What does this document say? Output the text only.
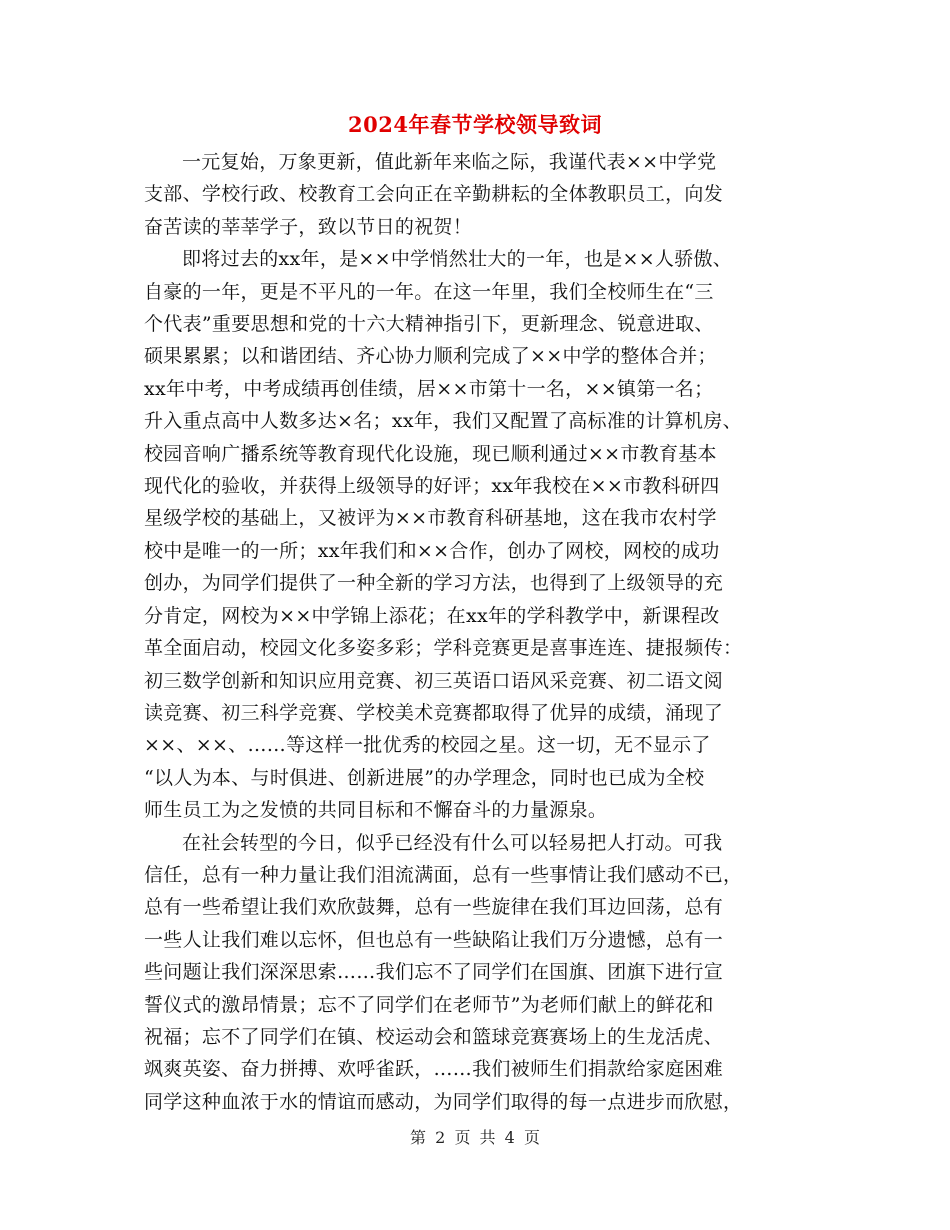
2024年春节学校领导致词

一元复始，万象更新，值此新年来临之际，我谨代表××中学党

支部、学校行政、校教育工会向正在辛勤耕耘的全体教职员工，向发

奋苦读的莘莘学子，致以节日的祝贺！

即将过去的xx年，是××中学悄然壮大的一年，也是××人骄傲、

自豪的一年，更是不平凡的一年。在这一年里，我们全校师生在“三

个代表”重要思想和党的十六大精神指引下，更新理念、锐意进取、

硕果累累；以和谐团结、齐心协力顺利完成了××中学的整体合并；

xx年中考，中考成绩再创佳绩，居××市第十一名，××镇第一名；

升入重点高中人数多达×名；xx年，我们又配置了高标准的计算机房、

校园音响广播系统等教育现代化设施，现已顺利通过××市教育基本

现代化的验收，并获得上级领导的好评；xx年我校在××市教科研四

星级学校的基础上，又被评为××市教育科研基地，这在我市农村学

校中是唯一的一所；xx年我们和××合作，创办了网校，网校的成功

创办，为同学们提供了一种全新的学习方法，也得到了上级领导的充

分肯定，网校为××中学锦上添花；在xx年的学科教学中，新课程改

革全面启动，校园文化多姿多彩；学科竞赛更是喜事连连、捷报频传：

初三数学创新和知识应用竞赛、初三英语口语风采竞赛、初二语文阅

读竞赛、初三科学竞赛、学校美术竞赛都取得了优异的成绩，涌现了

××、××、……等这样一批优秀的校园之星。这一切，无不显示了

“以人为本、与时俱进、创新进展”的办学理念，同时也已成为全校

师生员工为之发愤的共同目标和不懈奋斗的力量源泉。

在社会转型的今日，似乎已经没有什么可以轻易把人打动。可我

信任，总有一种力量让我们泪流满面，总有一些事情让我们感动不已，

总有一些希望让我们欢欣鼓舞，总有一些旋律在我们耳边回荡，总有

一些人让我们难以忘怀，但也总有一些缺陷让我们万分遗憾，总有一

些问题让我们深深思索……我们忘不了同学们在国旗、团旗下进行宣

誓仪式的激昂情景；忘不了同学们在老师节”为老师们献上的鲜花和

祝福；忘不了同学们在镇、校运动会和篮球竞赛赛场上的生龙活虎、

飒爽英姿、奋力拼搏、欢呼雀跃，……我们被师生们捐款给家庭困难

同学这种血浓于水的情谊而感动，为同学们取得的每一点进步而欣慰，

第 2 页 共 4 页
